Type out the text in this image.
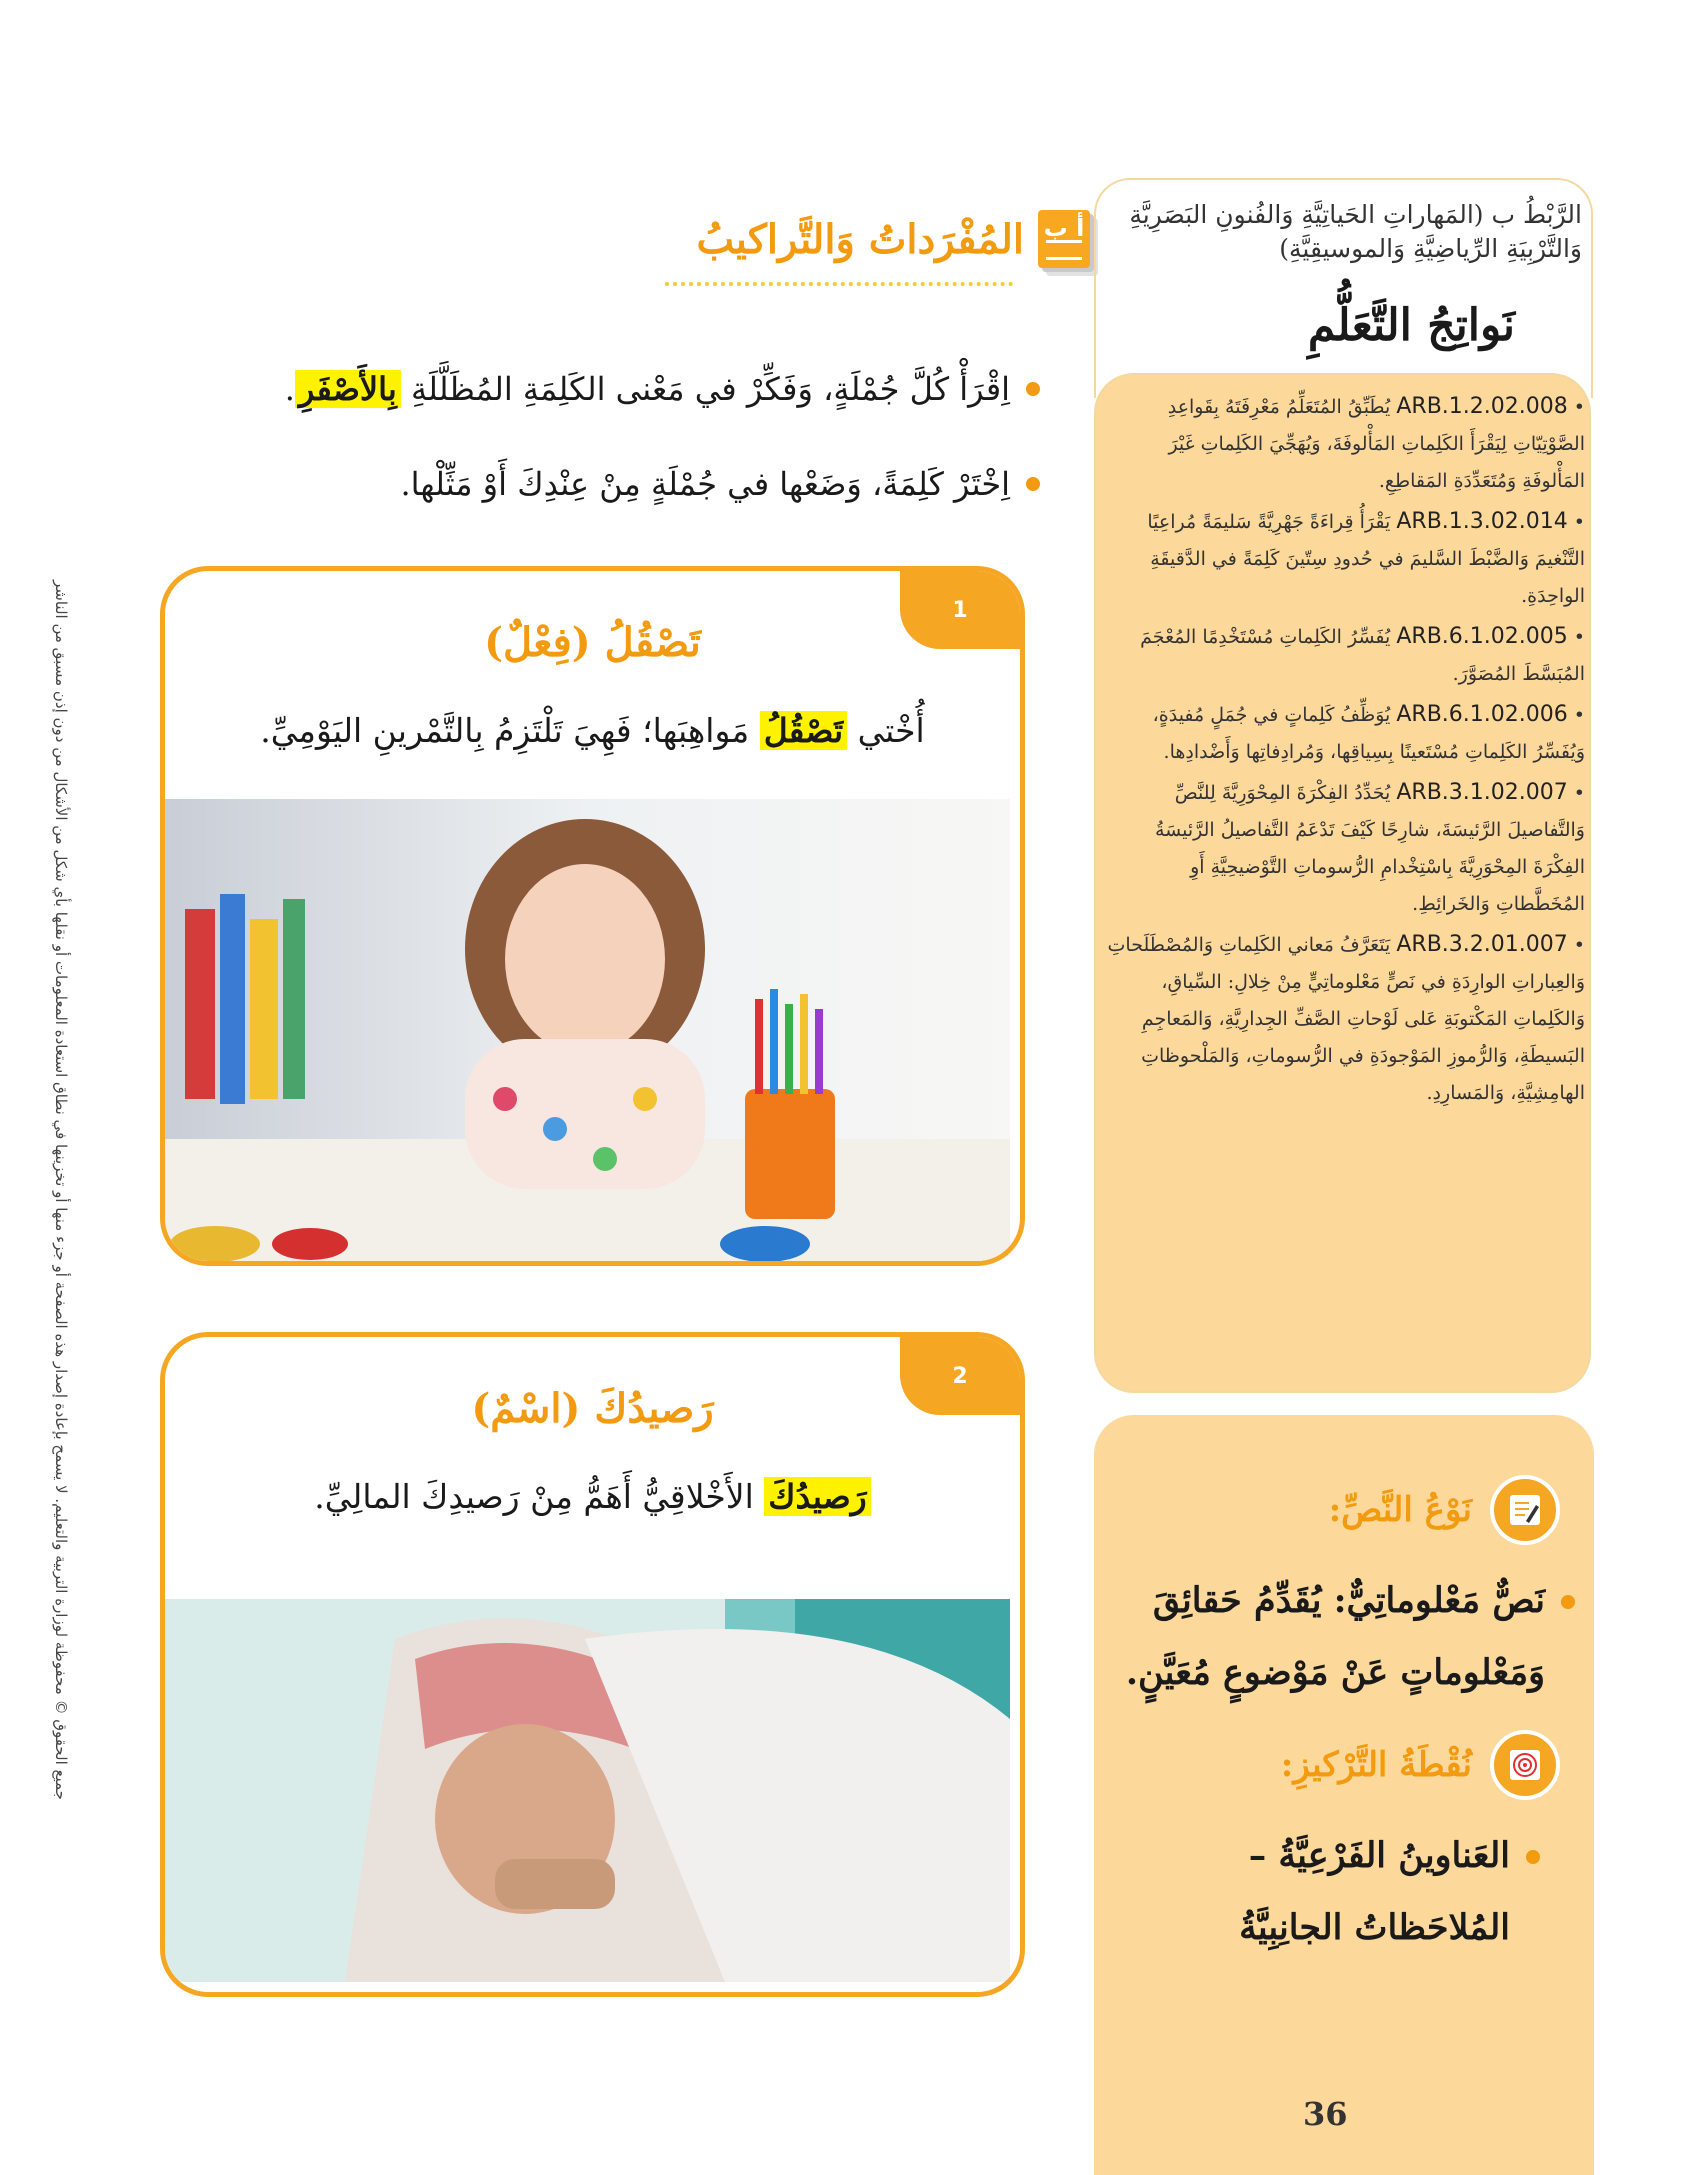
جميع الحقوق © محفوظة لوزارة التربية والتعليم. لا يسمح بإعادة إصدار هذه الصفحة أو جزء منها أو تخزينها في نطاق استعادة المعلومات أو نقلها بأي شكل من الأشكال من دون إذن مسبق من الناشر
أ ب
المُفْرَداتُ وَالتَّراكيبُ
اِقْرَأْ كُلَّ جُمْلَةٍ، وَفَكِّرْ في مَعْنى الكَلِمَةِ المُظَلَّلَةِ بِالأَصْفَرِ.
اِخْتَرْ كَلِمَةً، وَضَعْها في جُمْلَةٍ مِنْ عِنْدِكَ أَوْ مَثِّلْها.
1
تَصْقُلُ (فِعْلٌ)
أُخْتي تَصْقُلُ مَواهِبَها؛ فَهِيَ تَلْتَزِمُ بِالتَّمْرينِ اليَوْمِيِّ.
2
رَصيدُكَ (اسْمٌ)
رَصيدُكَ الأَخْلاقِيُّ أَهَمُّ مِنْ رَصيدِكَ المالِيِّ.
الرَّبْطُ ب (المَهاراتِ الحَياتِيَّةِ وَالفُنونِ البَصَرِيَّةِ وَالتَّرْبِيَةِ الرِّياضِيَّةِ وَالموسيقِيَّةِ)
نَواتِجُ التَّعَلُّمِ
• ARB.1.2.02.008 يُطَبِّقُ المُتَعَلِّمُ مَعْرِفَتَهُ بِقَواعِدِ الصَّوْتِيّاتِ لِيَقْرَأَ الكَلِماتِ المَأْلوفَةَ، وَيُهَجِّيَ الكَلِماتِ غَيْرَ المَأْلوفَةِ وَمُتَعَدِّدَةِ المَقاطِعِ.
• ARB.1.3.02.014 يَقْرَأُ قِراءَةً جَهْرِيَّةً سَليمَةً مُراعِيًا التَّنْغيمَ وَالضَّبْطَ السَّليمَ في حُدودِ سِتّينَ كَلِمَةً في الدَّقيقَةِ الواحِدَةِ.
• ARB.6.1.02.005 يُفَسِّرُ الكَلِماتِ مُسْتَخْدِمًا المُعْجَمَ المُبَسَّطَ المُصَوَّرَ.
• ARB.6.1.02.006 يُوَظِّفُ كَلِماتٍ في جُمَلٍ مُفيدَةٍ، وَيُفَسِّرُ الكَلِماتِ مُسْتَعينًا بِسِياقِها، وَمُرادِفاتِها وَأَضْدادِها.
• ARB.3.1.02.007 يُحَدِّدُ الفِكْرَةَ المِحْوَرِيَّةَ لِلنَّصِّ وَالتَّفاصيلَ الرَّئيسَةَ، شارِحًا كَيْفَ تَدْعَمُ التَّفاصيلُ الرَّئيسَةُ الفِكْرَةَ المِحْوَرِيَّةَ بِاسْتِخْدامِ الرُّسوماتِ التَّوْضيحِيَّةِ أَوِ المُخَطَّطاتِ وَالخَرائِطِ.
• ARB.3.2.01.007 يَتَعَرَّفُ مَعاني الكَلِماتِ وَالمُصْطَلَحاتِ وَالعِباراتِ الوارِدَةِ في نَصٍّ مَعْلوماتِيٍّ مِنْ خِلالِ: السِّياقِ، وَالكَلِماتِ المَكْتوبَةِ عَلى لَوْحاتِ الصَّفِّ الجِدارِيَّةِ، وَالمَعاجِمِ البَسيطَةِ، وَالرُّموزِ المَوْجودَةِ في الرُّسوماتِ، وَالمَلْحوظاتِ الهامِشِيَّةِ، وَالمَسارِدِ.
نَوْعُ النَّصِّ:
نَصٌّ مَعْلوماتِيٌّ: يُقَدِّمُ حَقائِقَ وَمَعْلوماتٍ عَنْ مَوْضوعٍ مُعَيَّنٍ.
نُقْطَةُ التَّرْكيزِ:
العَناوينُ الفَرْعِيَّةُ – المُلاحَظاتُ الجانِبِيَّةُ
36
